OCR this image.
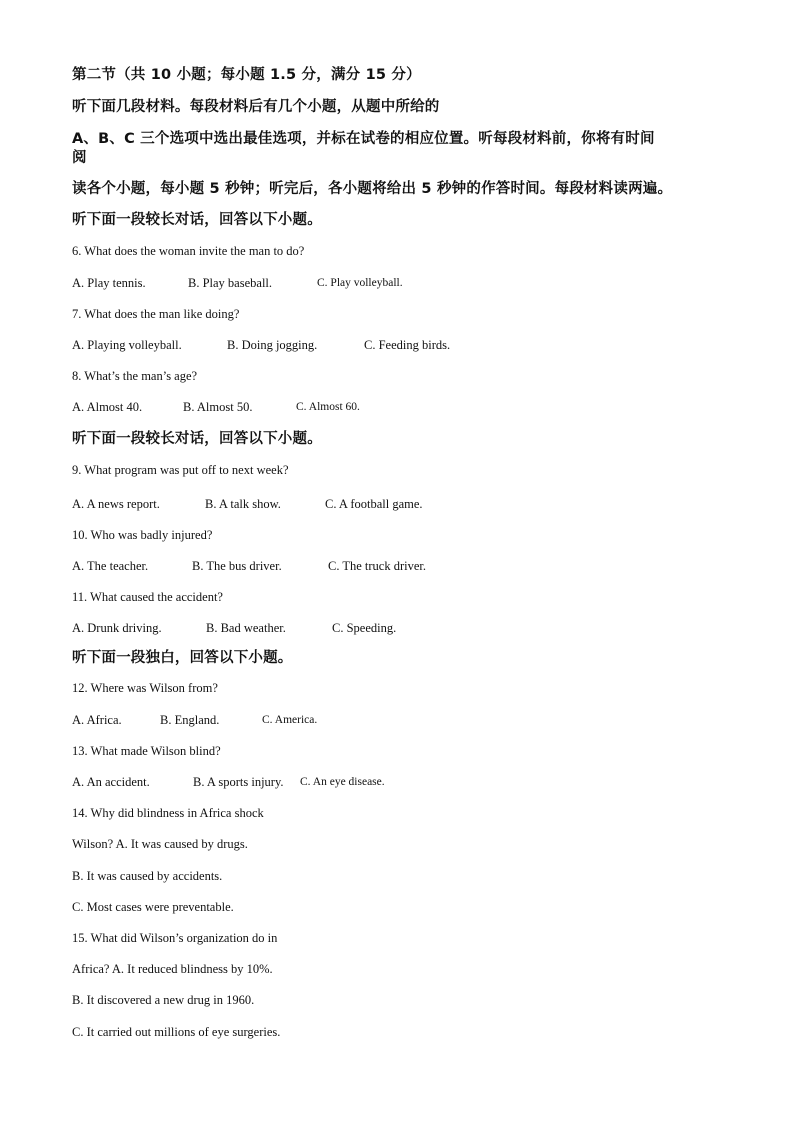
第二节（共 10 小题；每小题 1.5 分，满分 15 分）
听下面几段材料。每段材料后有几个小题，从题中所给的
A、B、C 三个选项中选出最佳选项，并标在试卷的相应位置。听每段材料前，你将有时间
阅
读各个小题，每小题 5 秒钟；听完后，各小题将给出 5 秒钟的作答时间。每段材料读两遍。
听下面一段较长对话，回答以下小题。
6. What does the woman invite the man to do?
A. Play tennis.	B. Play baseball.	C. Play volleyball.
7. What does the man like doing?
A. Playing volleyball.	B. Doing jogging.	C. Feeding birds.
8. What’s the man’s age?
A. Almost 40.	B. Almost 50.	C. Almost 60.
听下面一段较长对话，回答以下小题。
9. What program was put off to next week?
A. A news report.	B. A talk show.	C. A football game.
10. Who was badly injured?
A. The teacher.	B. The bus driver.	C. The truck driver.
11. What caused the accident?
A. Drunk driving.	B. Bad weather.	C. Speeding.
听下面一段独白，回答以下小题。
12. Where was Wilson from?
A. Africa.	B. England.	C. America.
13. What made Wilson blind?
A. An accident.	B. A sports injury. C. An eye disease.
14. Why did blindness in Africa shock
Wilson? A. It was caused by drugs.
B. It was caused by accidents.
C. Most cases were preventable.
15. What did Wilson’s organization do in
Africa? A. It reduced blindness by 10%.
B. It discovered a new drug in 1960.
C. It carried out millions of eye surgeries.
